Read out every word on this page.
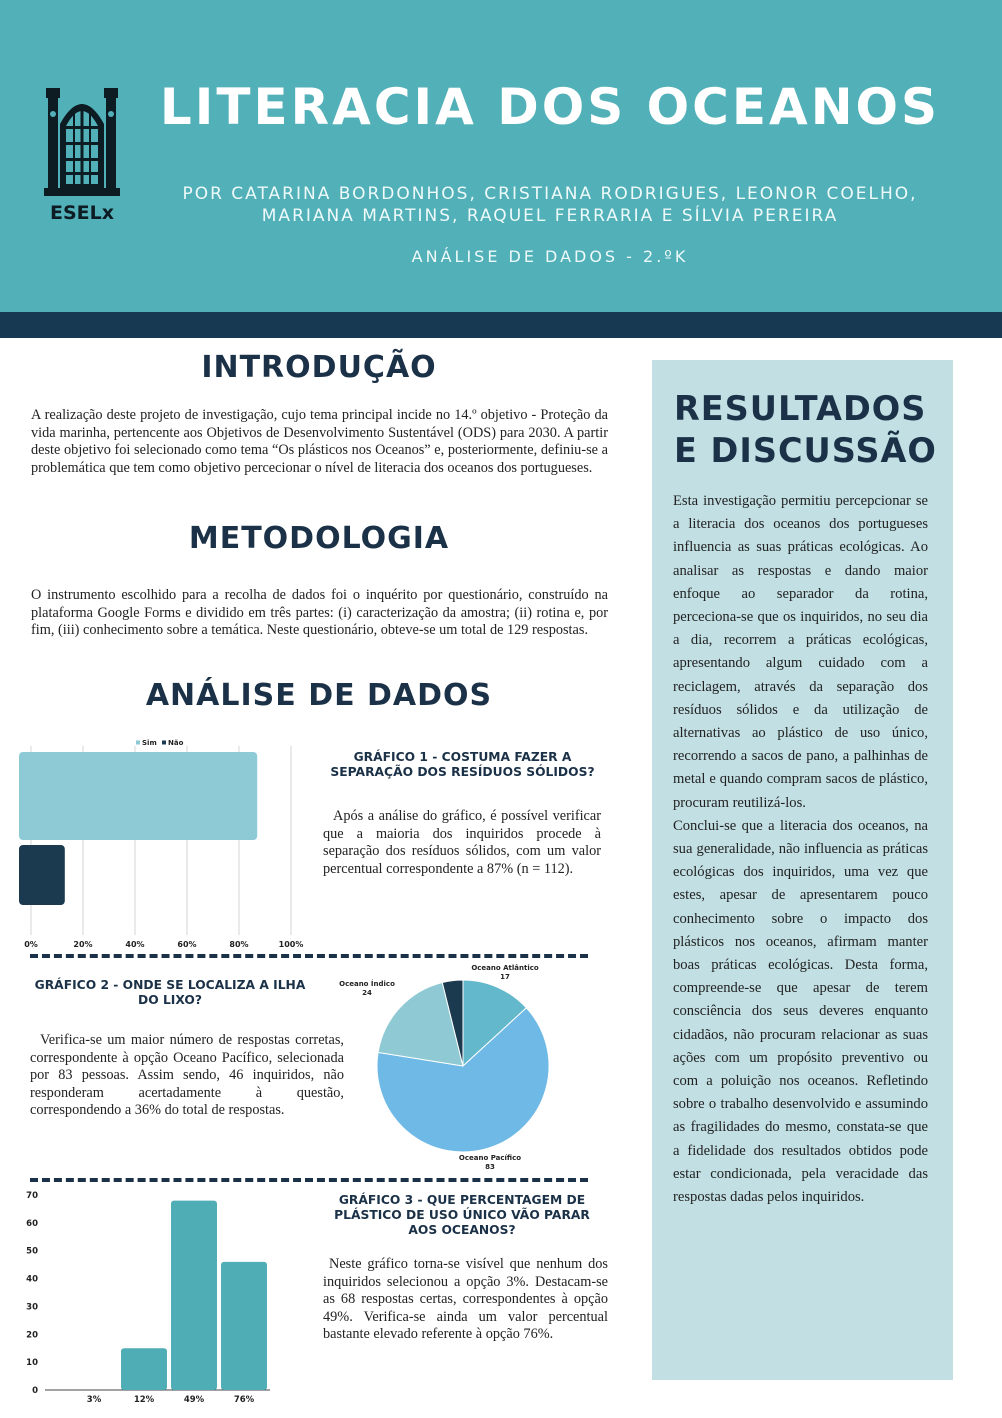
ESELx
LITERACIA DOS OCEANOS
POR CATARINA BORDONHOS, CRISTIANA RODRIGUES, LEONOR COELHO, MARIANA MARTINS, RAQUEL FERRARIA E SÍLVIA PEREIRA
ANÁLISE DE DADOS - 2.ºK
INTRODUÇÃO
A realização deste projeto de investigação, cujo tema principal incide no 14.º objetivo - Proteção da vida marinha, pertencente aos Objetivos de Desenvolvimento Sustentável (ODS) para 2030. A partir deste objetivo foi selecionado como tema “Os plásticos nos Oceanos” e, posteriormente, definiu-se a problemática que tem como objetivo percecionar o nível de literacia dos oceanos dos portugueses.
METODOLOGIA
O instrumento escolhido para a recolha de dados foi o inquérito por questionário, construído na plataforma Google Forms e dividido em três partes: (i) caracterização da amostra; (ii) rotina e, por fim, (iii) conhecimento sobre a temática. Neste questionário, obteve-se um total de 129 respostas.
ANÁLISE DE DADOS
0%	20%	40%	60%	80%	100%
Sim Não
GRÁFICO 1 - COSTUMA FAZER A SEPARAÇÃO DOS RESÍDUOS SÓLIDOS?
Após a análise do gráfico, é possível verificar que a maioria dos inquiridos procede à separação dos resíduos sólidos, com um valor percentual correspondente a 87% (n = 112).
GRÁFICO 2 - ONDE SE LOCALIZA A ILHA DO LIXO?
Verifica-se um maior número de respostas corretas, correspondente à opção Oceano Pacífico, selecionada por 83 pessoas. Assim sendo, 46 inquiridos, não responderam acertadamente à questão, correspondendo a 36% do total de respostas.
Oceano Atlântico 17
Oceano Pacífico 83
Oceano Índico 24
0
10
20
30
40
50
60
70
3%	12%	49%	76%
GRÁFICO 3 - QUE PERCENTAGEM DE PLÁSTICO DE USO ÚNICO VÃO PARAR AOS OCEANOS?
Neste gráfico torna-se visível que nenhum dos inquiridos selecionou a opção 3%. Destacam-se as 68 respostas certas, correspondentes à opção 49%. Verifica-se ainda um valor percentual bastante elevado referente à opção 76%.
RESULTADOS E DISCUSSÃO

Esta investigação permitiu percepcionar se a literacia dos oceanos dos portugueses influencia as suas práticas ecológicas. Ao analisar as respostas e dando maior enfoque ao separador da rotina, perceciona-se que os inquiridos, no seu dia a dia, recorrem a práticas ecológicas, apresentando algum cuidado com a reciclagem, através da separação dos resíduos sólidos e da utilização de alternativas ao plástico de uso único, recorrendo a sacos de pano, a palhinhas de metal e quando compram sacos de plástico, procuram reutilizá-los.

Conclui-se que a literacia dos oceanos, na sua generalidade, não influencia as práticas ecológicas dos inquiridos, uma vez que estes, apesar de apresentarem pouco conhecimento sobre o impacto dos plásticos nos oceanos, afirmam manter boas práticas ecológicas. Desta forma, compreende-se que apesar de terem consciência dos seus deveres enquanto cidadãos, não procuram relacionar as suas ações com um propósito preventivo ou com a poluição nos oceanos. Refletindo sobre o trabalho desenvolvido e assumindo as fragilidades do mesmo, constata-se que a fidelidade dos resultados obtidos pode estar condicionada, pela veracidade das respostas dadas pelos inquiridos.
